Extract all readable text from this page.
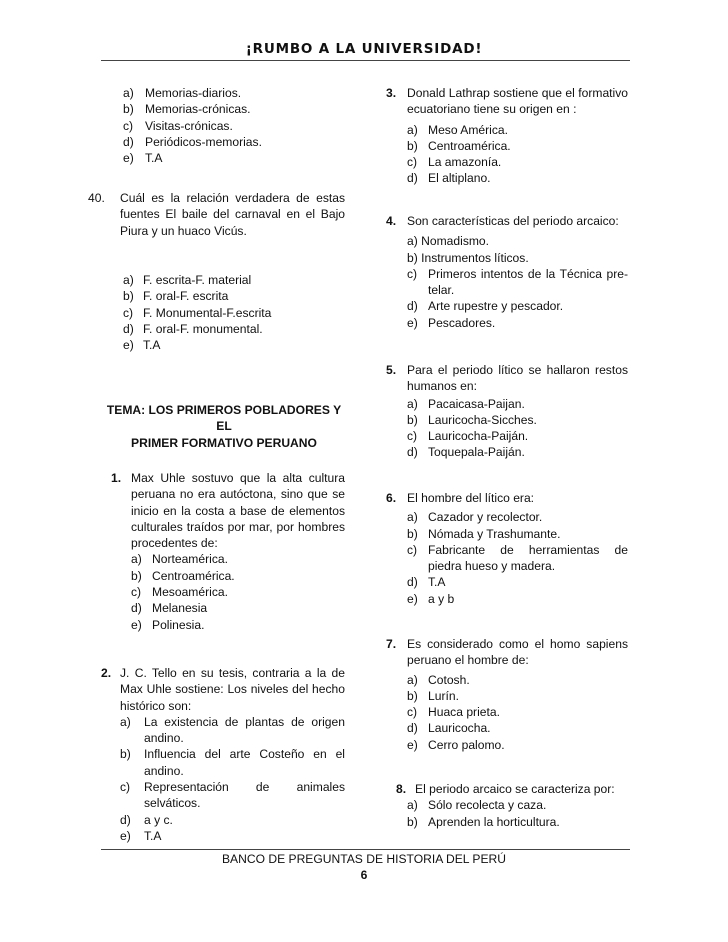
¡RUMBO A LA UNIVERSIDAD!
a) Memorias-diarios.
b) Memorias-crónicas.
c) Visitas-crónicas.
d) Periódicos-memorias.
e) T.A
40. Cuál es la relación verdadera de estas fuentes El baile del carnaval en el Bajo Piura y un huaco Vicús.
a) F. escrita-F. material
b) F. oral-F. escrita
c) F. Monumental-F.escrita
d) F. oral-F. monumental.
e) T.A
TEMA: LOS PRIMEROS POBLADORES Y EL
PRIMER FORMATIVO PERUANO
1. Max Uhle sostuvo que la alta cultura peruana no era autóctona, sino que se inicio en la costa a base de elementos culturales traídos por mar, por hombres procedentes de:
a) Norteamérica.
b) Centroamérica.
c) Mesoamérica.
d) Melanesia
e) Polinesia.
2. J. C. Tello en su tesis, contraria a la de Max Uhle sostiene: Los niveles del hecho histórico son:
a) La existencia de plantas de origen andino.
b) Influencia del arte Costeño en el andino.
c) Representación de animales selváticos.
d) a y c.
e) T.A
3. Donald Lathrap sostiene que el formativo ecuatoriano tiene su origen en :
a) Meso América.
b) Centroamérica.
c) La amazonía.
d) El altiplano.
4. Son características del periodo arcaico:
a) Nomadismo.
b) Instrumentos líticos.
c) Primeros intentos de la Técnica pre-telar.
d) Arte rupestre y pescador.
e) Pescadores.
5. Para el periodo lítico se hallaron restos humanos en:
a) Pacaicasa-Paijan.
b) Lauricocha-Sicches.
c) Lauricocha-Paiján.
d) Toquepala-Paiján.
6. El hombre del lítico era:
a) Cazador y recolector.
b) Nómada y Trashumante.
c) Fabricante de herramientas de piedra hueso y madera.
d) T.A
e) a y b
7. Es considerado como el homo sapiens peruano el hombre de:
a) Cotosh.
b) Lurín.
c) Huaca prieta.
d) Lauricocha.
e) Cerro palomo.
8. El periodo arcaico se caracteriza por:
a) Sólo recolecta y caza.
b) Aprenden la horticultura.
BANCO DE PREGUNTAS DE HISTORIA DEL PERÚ
6
